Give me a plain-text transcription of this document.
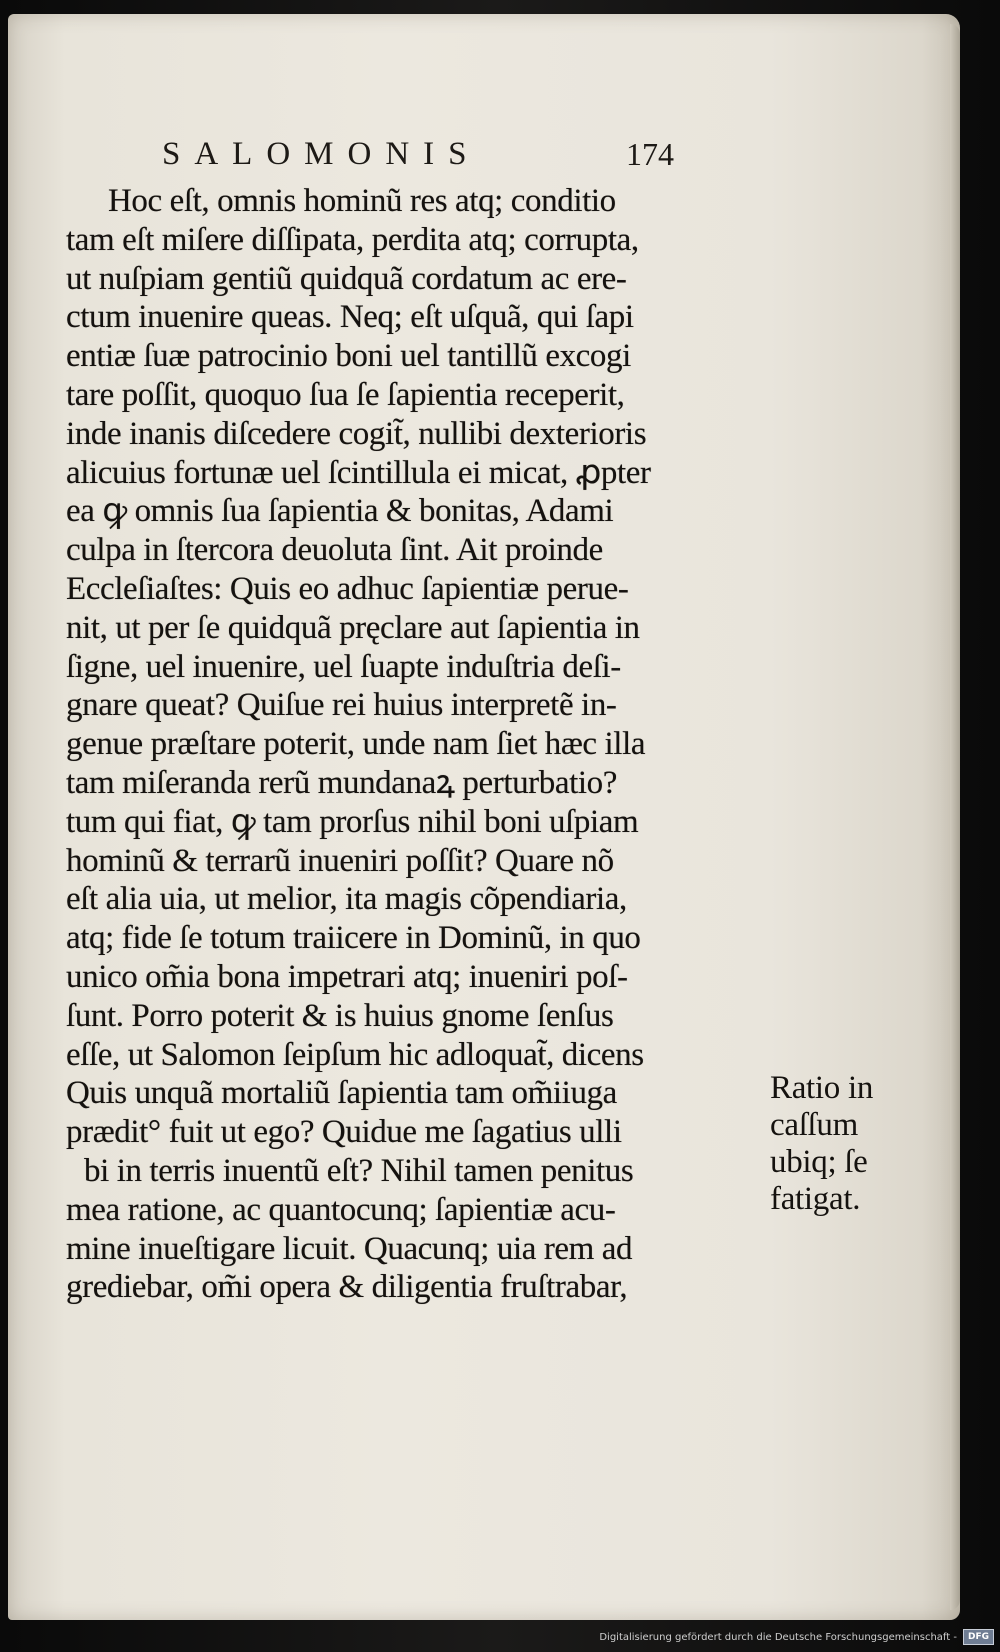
SALOMONIS	174
Hoc eſt, omnis hominũ res atq; conditio
tam eſt miſere diſſipata, perdita atq; corrupta,
ut nuſpiam gentiũ quidquã cordatum ac ere-
ctum inuenire queas. Neq; eſt uſquã, qui ſapi
entiæ ſuæ patrocinio boni uel tantillũ excogi
tare poſſit, quoquo ſua ſe ſapientia receperit,
inde inanis diſcedere cogit̃, nullibi dexterioris
alicuius fortunæ uel ſcintillula ei micat, ꝓpter
ea ꝙ omnis ſua ſapientia & bonitas, Adami
culpa in ſtercora deuoluta ſint. Ait proinde
Eccleſiaſtes: Quis eo adhuc ſapientiæ perue-
nit, ut per ſe quidquã pręclare aut ſapientia in
ſigne, uel inuenire, uel ſuapte induſtria deſi-
gnare queat? Quiſue rei huius interpretẽ in-
genue præſtare poterit, unde nam ſiet hæc illa
tam miſeranda rerũ mundanaꝝ perturbatio?
tum qui fiat, ꝙ tam prorſus nihil boni uſpiam
hominũ & terrarũ inueniri poſſit? Quare nõ
eſt alia uia, ut melior, ita magis cõpendiaria,
atq; fide ſe totum traiicere in Dominũ, in quo
unico om̃ia bona impetrari atq; inueniri poſ-
ſunt. Porro poterit & is huius gnome ſenſus
eſſe, ut Salomon ſeipſum hic adloquat̃, dicens
Quis unquã mortaliũ ſapientia tam om̃iiuga
prædit° fuit ut ego? Quidue me ſagatius ulli
bi in terris inuentũ eſt? Nihil tamen penitus
mea ratione, ac quantocunq; ſapientiæ acu-
mine inueſtigare licuit. Quacunq; uia rem ad
grediebar, om̃i opera & diligentia fruſtrabar,
Ratio in
caſſum
ubiq; ſe
fatigat.
Digitalisierung gefördert durch die Deutsche Forschungsgemeinschaft -	DFG
